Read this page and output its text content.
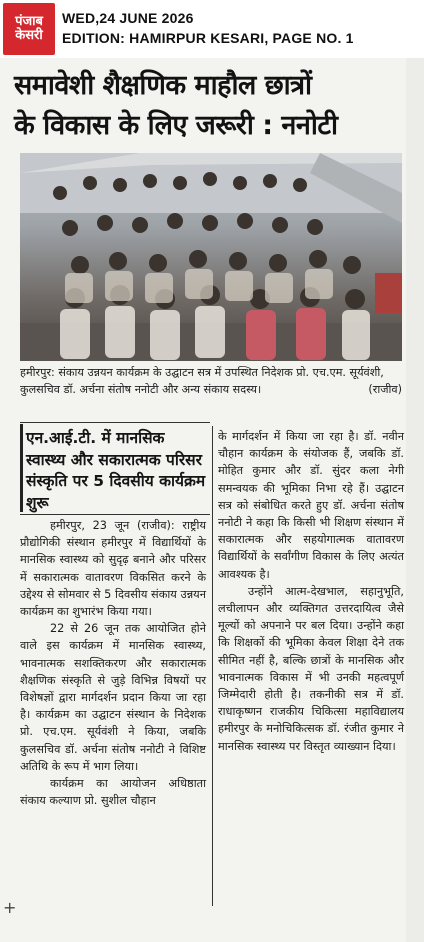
पंजाब
केसरी
WED,24 JUNE 2026
EDITION: HAMIRPUR KESARI, PAGE NO. 1
समावेशी शैक्षणिक माहौल छात्रों
के विकास के लिए जरूरी : ननोटी
हमीरपुर: संकाय उन्नयन कार्यक्रम के उद्घाटन सत्र में उपस्थित निदेशक प्रो. एच.एम. सूर्यवंशी, कुलसचिव डॉ. अर्चना संतोष ननोटी और अन्य संकाय सदस्य।	(राजीव)
एन.आई.टी. में मानसिक स्वास्थ्य और सकारात्मक परिसर संस्कृति पर 5 दिवसीय कार्यक्रम शुरू

हमीरपुर, 23 जून (राजीव): राष्ट्रीय प्रौद्योगिकी संस्थान हमीरपुर में विद्यार्थियों के मानसिक स्वास्थ्य को सुदृढ़ बनाने और परिसर में सकारात्मक वातावरण विकसित करने के उद्देश्य से सोमवार से 5 दिवसीय संकाय उन्नयन कार्यक्रम का शुभारंभ किया गया।

22 से 26 जून तक आयोजित होने वाले इस कार्यक्रम में मानसिक स्वास्थ्य, भावनात्मक सशक्तिकरण और सकारात्मक शैक्षणिक संस्कृति से जुड़े विभिन्न विषयों पर विशेषज्ञों द्वारा मार्गदर्शन प्रदान किया जा रहा है। कार्यक्रम का उद्घाटन संस्थान के निदेशक प्रो. एच.एम. सूर्यवंशी ने किया, जबकि कुलसचिव डॉ. अर्चना संतोष ननोटी ने विशिष्ट अतिथि के रूप में भाग लिया।

कार्यक्रम का आयोजन अधिष्ठाता संकाय कल्याण प्रो. सुशील चौहान

के मार्गदर्शन में किया जा रहा है। डॉ. नवीन चौहान कार्यक्रम के संयोजक हैं, जबकि डॉ. मोहित कुमार और डॉ. सुंदर कला नेगी समन्वयक की भूमिका निभा रहे हैं। उद्घाटन सत्र को संबोधित करते हुए डॉ. अर्चना संतोष ननोटी ने कहा कि किसी भी शिक्षण संस्थान में सकारात्मक और सहयोगात्मक वातावरण विद्यार्थियों के सर्वांगीण विकास के लिए अत्यंत आवश्यक है।

उन्होंने आत्म-देखभाल, सहानुभूति, लचीलापन और व्यक्तिगत उत्तरदायित्व जैसे मूल्यों को अपनाने पर बल दिया। उन्होंने कहा कि शिक्षकों की भूमिका केवल शिक्षा देने तक सीमित नहीं है, बल्कि छात्रों के मानसिक और भावनात्मक विकास में भी उनकी महत्वपूर्ण जिम्मेदारी होती है। तकनीकी सत्र में डॉ. राधाकृष्णन राजकीय चिकित्सा महाविद्यालय हमीरपुर के मनोचिकित्सक डॉ. रंजीत कुमार ने मानसिक स्वास्थ्य पर विस्तृत व्याख्यान दिया।

+
